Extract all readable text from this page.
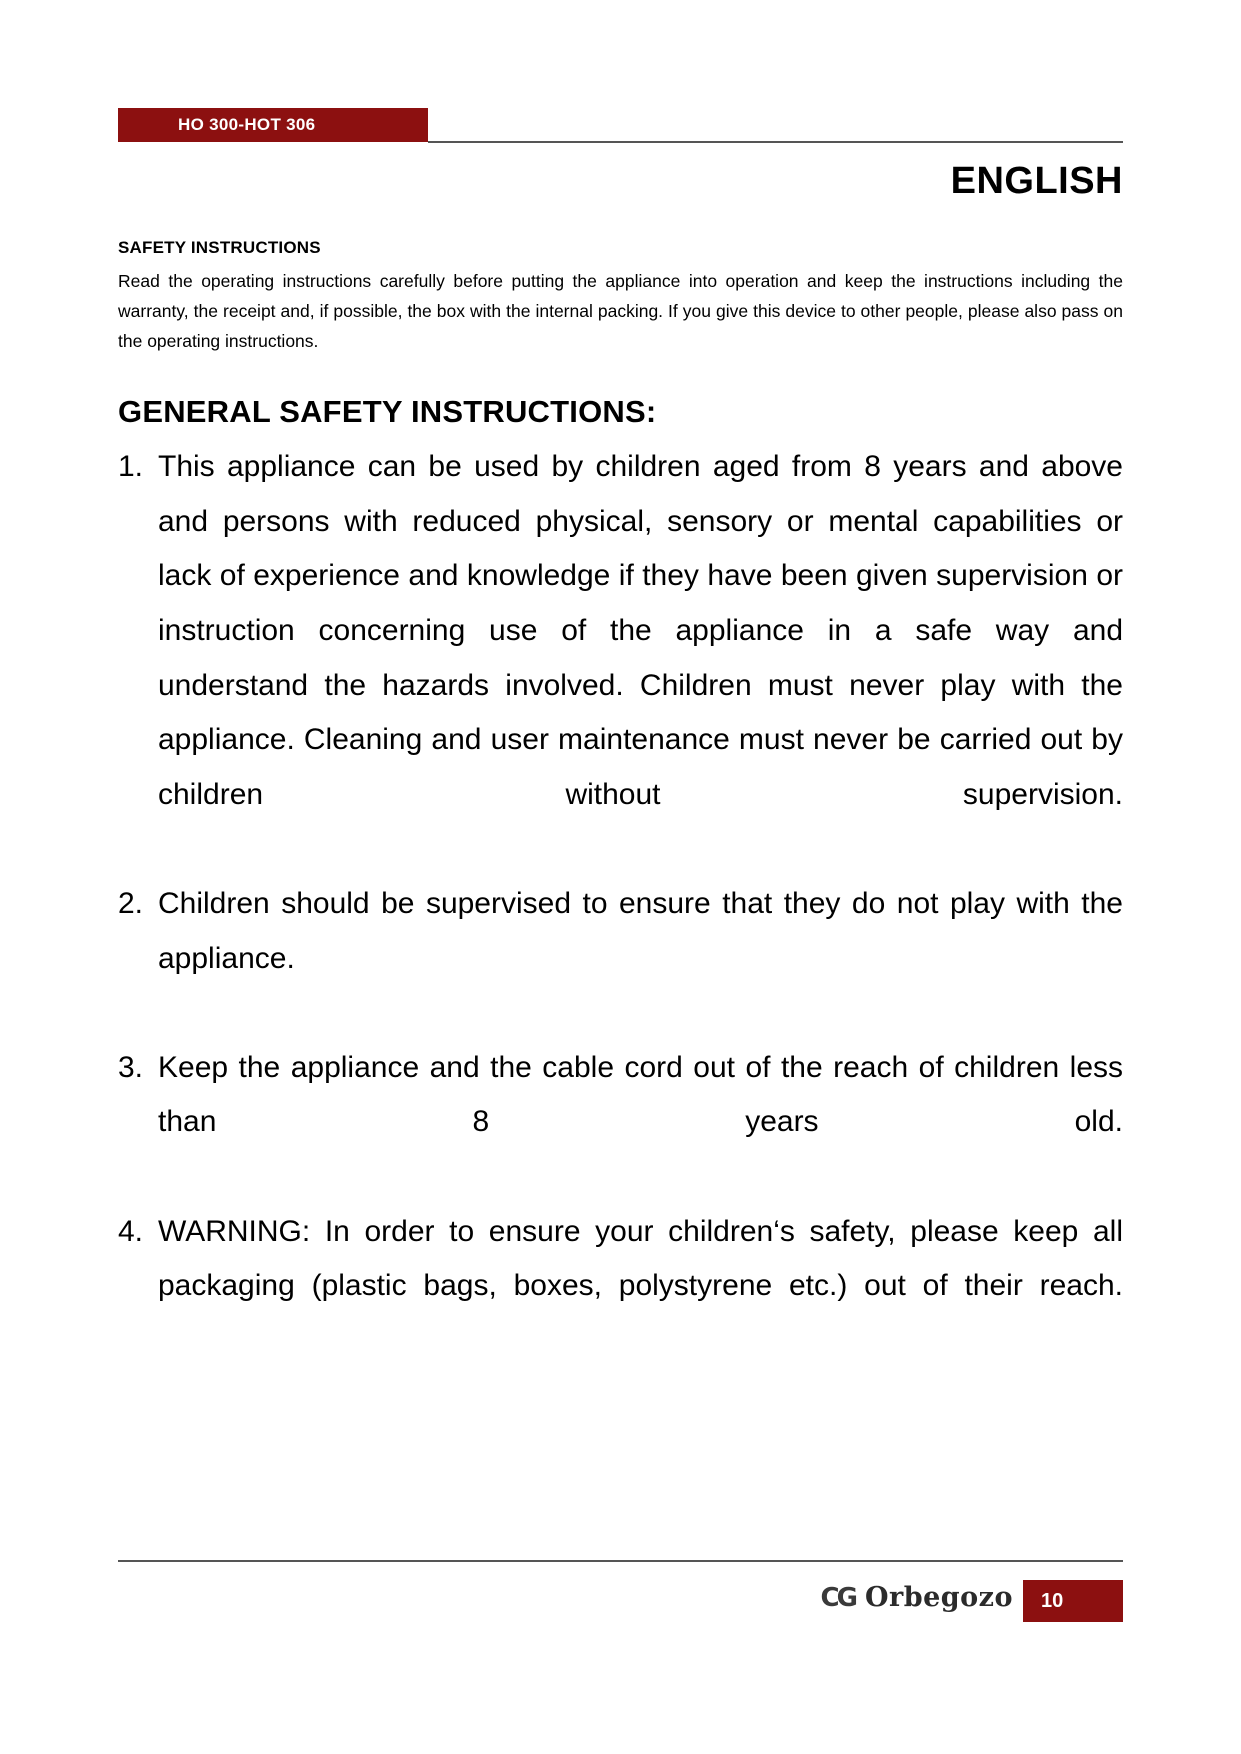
HO 300-HOT 306
ENGLISH
SAFETY INSTRUCTIONS

Read the operating instructions carefully before putting the appliance into operation and keep the instructions including the warranty, the receipt and, if possible, the box with the internal packing. If you give this device to other people, please also pass on the operating instructions.

GENERAL SAFETY INSTRUCTIONS:
1. This appliance can be used by children aged from 8 years and above and persons with reduced physical, sensory or mental capabilities or lack of experience and knowledge if they have been given supervision or instruction concerning use of the appliance in a safe way and understand the hazards involved. Children must never play with the appliance. Cleaning and user maintenance must never be carried out by children without supervision.
2. Children should be supervised to ensure that they do not play with the appliance.
3. Keep the appliance and the cable cord out of the reach of children less than 8 years old.
4. WARNING: In order to ensure your children‘s safety, please keep all packaging (plastic bags, boxes, polystyrene etc.) out of their reach.
CG Orbegozo	10
